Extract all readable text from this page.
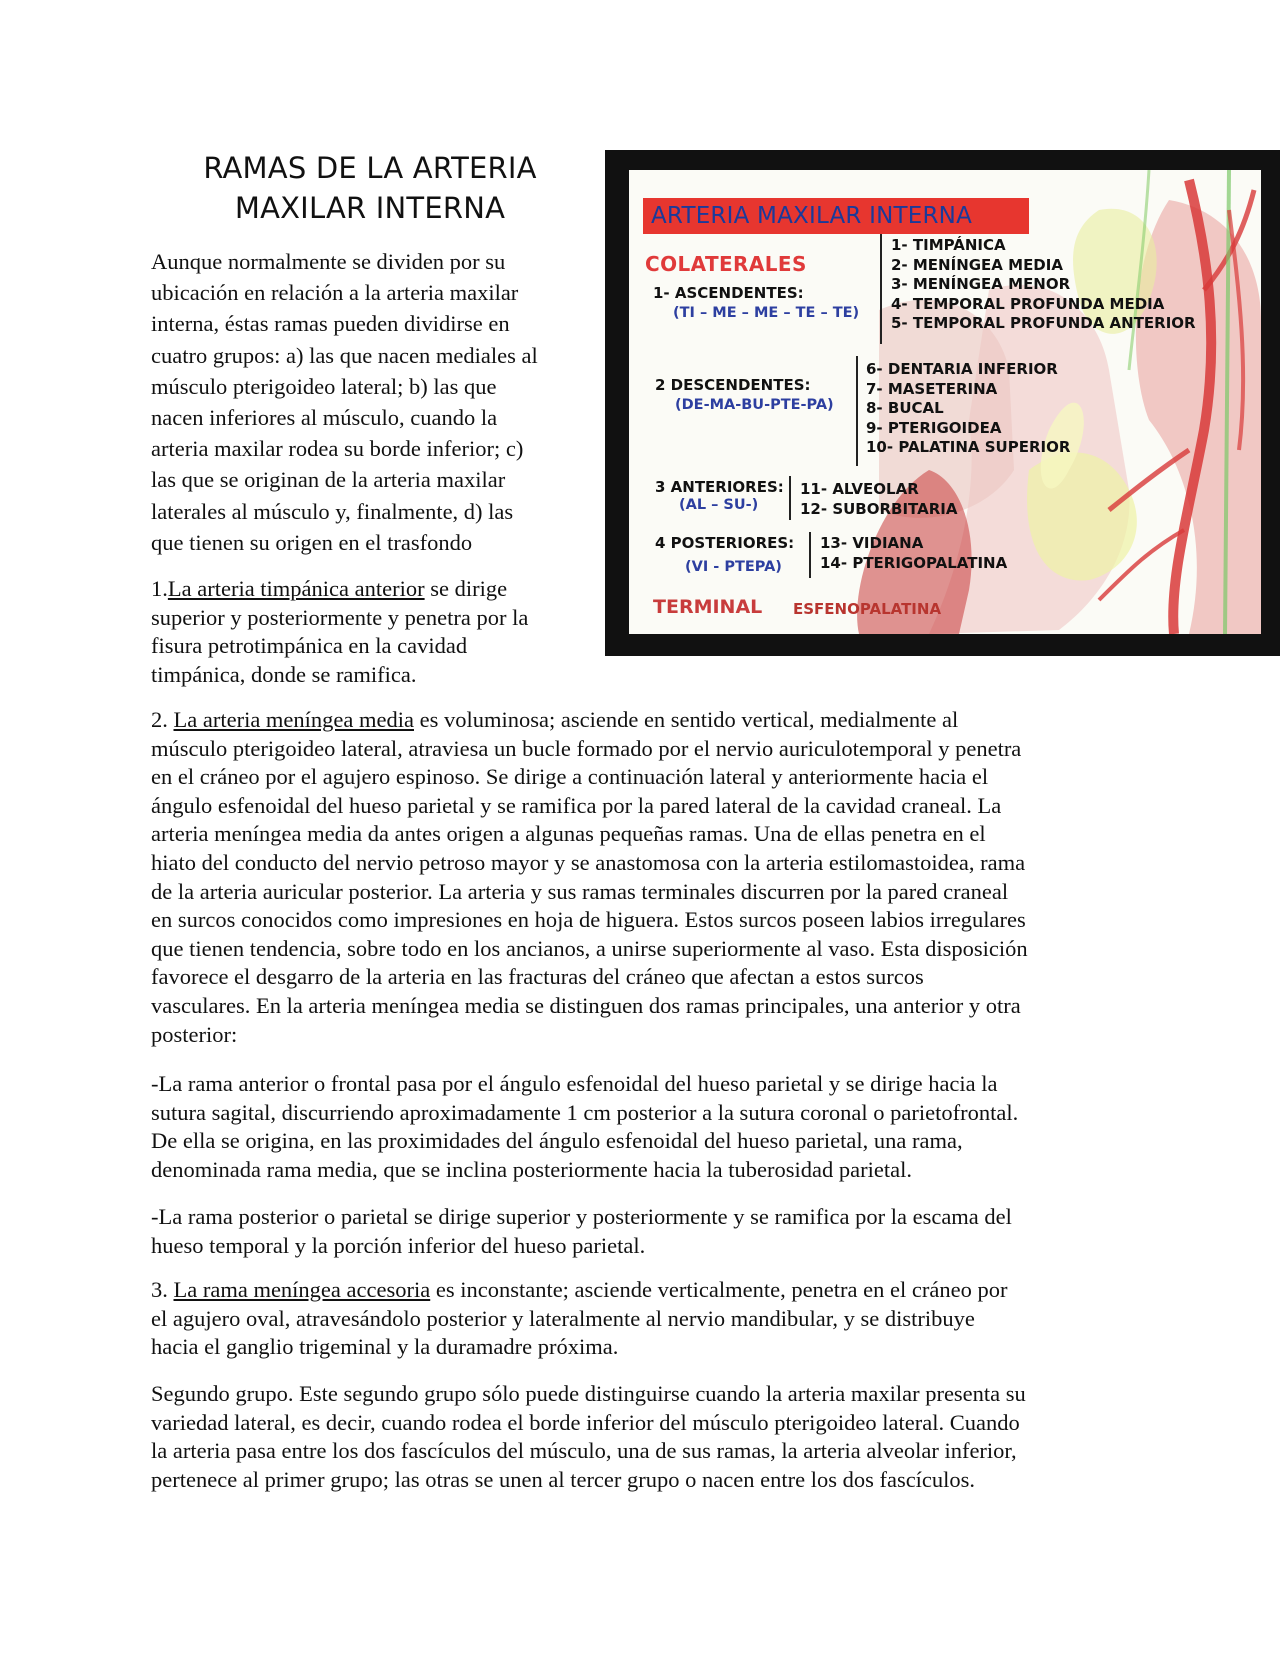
RAMAS DE LA ARTERIA
MAXILAR INTERNA
Aunque normalmente se dividen por su
ubicación en relación a la arteria maxilar
interna, éstas ramas pueden dividirse en
cuatro grupos: a) las que nacen mediales al
músculo pterigoideo lateral; b) las que
nacen inferiores al músculo, cuando la
arteria maxilar rodea su borde inferior; c)
las que se originan de la arteria maxilar
laterales al músculo y, finalmente, d) las
que tienen su origen en el trasfondo
1.La arteria timpánica anterior se dirige
superior y posteriormente y penetra por la
fisura petrotimpánica en la cavidad
timpánica, donde se ramifica.
2. La arteria meníngea media es voluminosa; asciende en sentido vertical, medialmente al
músculo pterigoideo lateral, atraviesa un bucle formado por el nervio auriculotemporal y penetra
en el cráneo por el agujero espinoso. Se dirige a continuación lateral y anteriormente hacia el
ángulo esfenoidal del hueso parietal y se ramifica por la pared lateral de la cavidad craneal. La
arteria meníngea media da antes origen a algunas pequeñas ramas. Una de ellas penetra en el
hiato del conducto del nervio petroso mayor y se anastomosa con la arteria estilomastoidea, rama
de la arteria auricular posterior. La arteria y sus ramas terminales discurren por la pared craneal
en surcos conocidos como impresiones en hoja de higuera. Estos surcos poseen labios irregulares
que tienen tendencia, sobre todo en los ancianos, a unirse superiormente al vaso. Esta disposición
favorece el desgarro de la arteria en las fracturas del cráneo que afectan a estos surcos
vasculares. En la arteria meníngea media se distinguen dos ramas principales, una anterior y otra
posterior:
-La rama anterior o frontal pasa por el ángulo esfenoidal del hueso parietal y se dirige hacia la
sutura sagital, discurriendo aproximadamente 1 cm posterior a la sutura coronal o parietofrontal.
De ella se origina, en las proximidades del ángulo esfenoidal del hueso parietal, una rama,
denominada rama media, que se inclina posteriormente hacia la tuberosidad parietal.
-La rama posterior o parietal se dirige superior y posteriormente y se ramifica por la escama del
hueso temporal y la porción inferior del hueso parietal.
3. La rama meníngea accesoria es inconstante; asciende verticalmente, penetra en el cráneo por
el agujero oval, atravesándolo posterior y lateralmente al nervio mandibular, y se distribuye
hacia el ganglio trigeminal y la duramadre próxima.
Segundo grupo. Este segundo grupo sólo puede distinguirse cuando la arteria maxilar presenta su
variedad lateral, es decir, cuando rodea el borde inferior del músculo pterigoideo lateral. Cuando
la arteria pasa entre los dos fascículos del músculo, una de sus ramas, la arteria alveolar inferior,
pertenece al primer grupo; las otras se unen al tercer grupo o nacen entre los dos fascículos.
ARTERIA MAXILAR INTERNA
COLATERALES
1- ASCENDENTES:
(TI – ME – ME – TE – TE)
1- TIMPÁNICA
2- MENÍNGEA MEDIA
3- MENÍNGEA MENOR
4- TEMPORAL PROFUNDA MEDIA
5- TEMPORAL PROFUNDA ANTERIOR
2 DESCENDENTES:
(DE-MA-BU-PTE-PA)
6- DENTARIA INFERIOR
7- MASETERINA
8- BUCAL
9- PTERIGOIDEA
10- PALATINA SUPERIOR
3 ANTERIORES:
(AL – SU-)
11- ALVEOLAR
12- SUBORBITARIA
4 POSTERIORES:
(VI - PTEPA)
13- VIDIANA
14- PTERIGOPALATINA
TERMINAL ESFENOPALATINA
